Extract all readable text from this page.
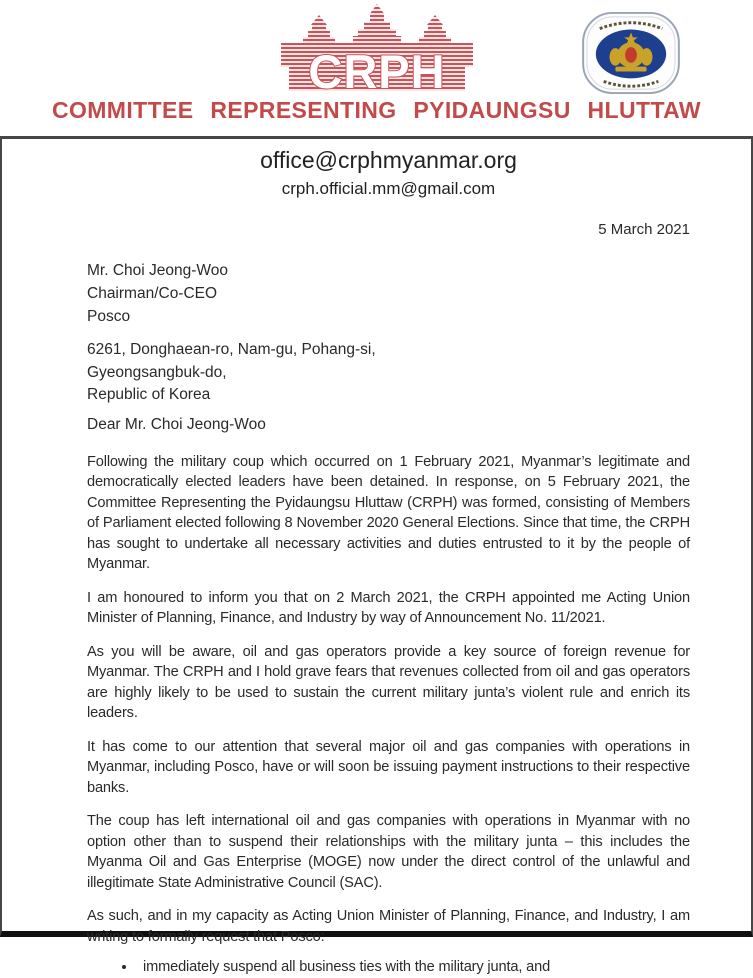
CRPH
COMMITTEE REPRESENTING PYIDAUNGSU HLUTTAW
office@crphmyanmar.org
crph.official.mm@gmail.com
5 March 2021
Mr. Choi Jeong-Woo
Chairman/Co-CEO
Posco
6261, Donghaean-ro, Nam-gu, Pohang-si,
Gyeongsangbuk-do,
Republic of Korea
Dear Mr. Choi Jeong-Woo

Following the military coup which occurred on 1 February 2021, Myanmar’s legitimate and democratically elected leaders have been detained. In response, on 5 February 2021, the Committee Representing the Pyidaungsu Hluttaw (CRPH) was formed, consisting of Members of Parliament elected following 8 November 2020 General Elections. Since that time, the CRPH has sought to undertake all necessary activities and duties entrusted to it by the people of Myanmar.

I am honoured to inform you that on 2 March 2021, the CRPH appointed me Acting Union Minister of Planning, Finance, and Industry by way of Announcement No. 11/2021.

As you will be aware, oil and gas operators provide a key source of foreign revenue for Myanmar. The CRPH and I hold grave fears that revenues collected from oil and gas operators are highly likely to be used to sustain the current military junta’s violent rule and enrich its leaders.

It has come to our attention that several major oil and gas companies with operations in Myanmar, including Posco, have or will soon be issuing payment instructions to their respective banks.

The coup has left international oil and gas companies with operations in Myanmar with no option other than to suspend their relationships with the military junta – this includes the Myanma Oil and Gas Enterprise (MOGE) now under the direct control of the unlawful and illegitimate State Administrative Council (SAC).

As such, and in my capacity as Acting Union Minister of Planning, Finance, and Industry, I am writing to formally request that Posco:

• immediately suspend all business ties with the military junta, and
